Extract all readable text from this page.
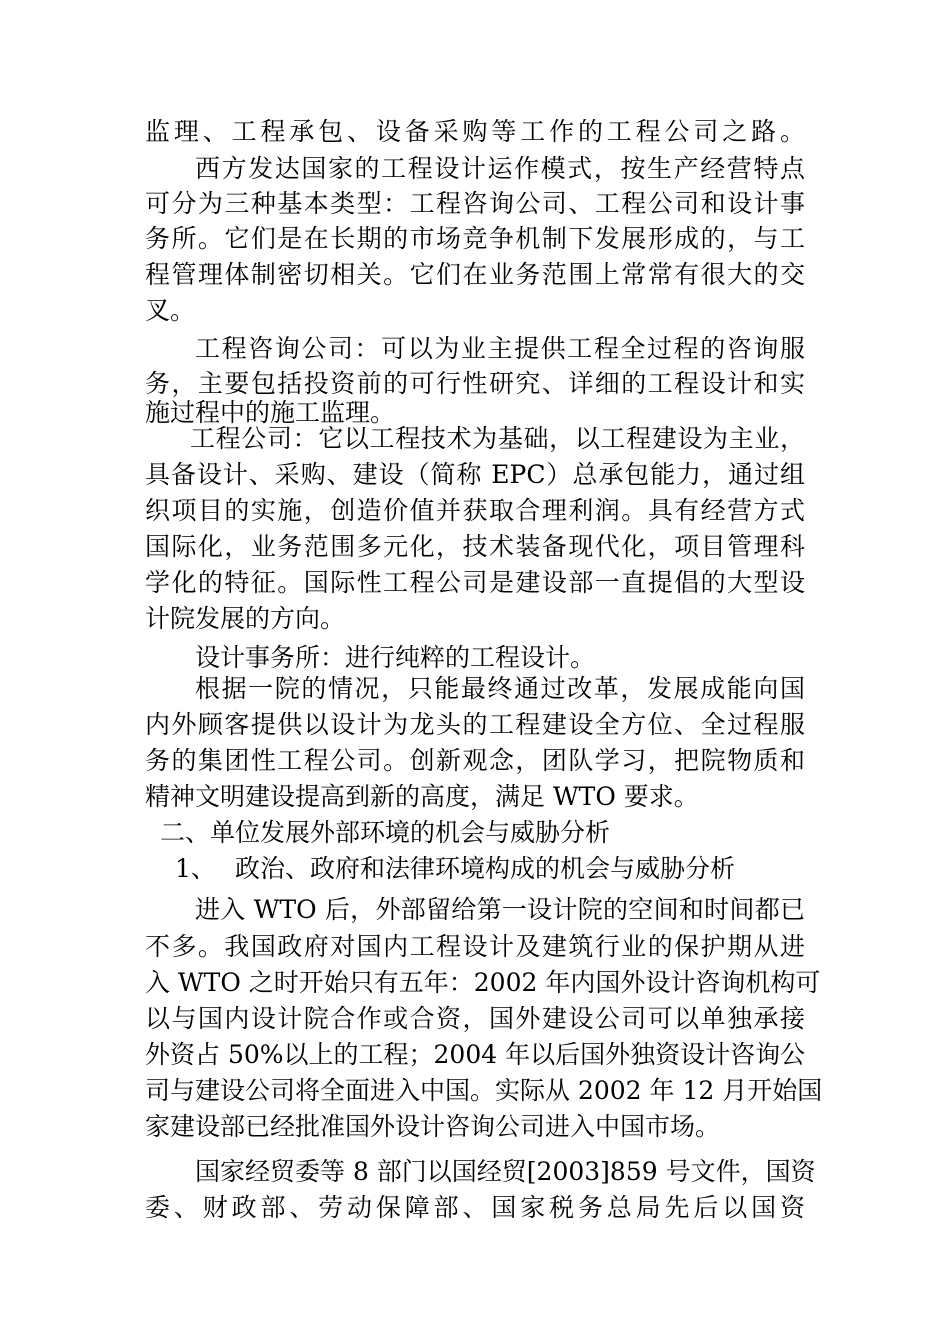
监理、工程承包、设备采购等工作的工程公司之路。
西方发达国家的工程设计运作模式，按生产经营特点
可分为三种基本类型：工程咨询公司、工程公司和设计事
务所。它们是在长期的市场竞争机制下发展形成的，与工
程管理体制密切相关。它们在业务范围上常常有很大的交
叉。
工程咨询公司：可以为业主提供工程全过程的咨询服
务，主要包括投资前的可行性研究、详细的工程设计和实
施过程中的施工监理。
工程公司：它以工程技术为基础，以工程建设为主业，
具备设计、采购、建设（简称 EPC）总承包能力，通过组
织项目的实施，创造价值并获取合理利润。具有经营方式
国际化，业务范围多元化，技术装备现代化，项目管理科
学化的特征。国际性工程公司是建设部一直提倡的大型设
计院发展的方向。
设计事务所：进行纯粹的工程设计。
根据一院的情况，只能最终通过改革，发展成能向国
内外顾客提供以设计为龙头的工程建设全方位、全过程服
务的集团性工程公司。创新观念，团队学习，把院物质和
精神文明建设提高到新的高度，满足 WTO 要求。
二、单位发展外部环境的机会与威胁分析
1、 政治、政府和法律环境构成的机会与威胁分析
进入 WTO 后，外部留给第一设计院的空间和时间都已
不多。我国政府对国内工程设计及建筑行业的保护期从进
入 WTO 之时开始只有五年：2002 年内国外设计咨询机构可
以与国内设计院合作或合资，国外建设公司可以单独承接
外资占 50%以上的工程；2004 年以后国外独资设计咨询公
司与建设公司将全面进入中国。实际从 2002 年 12 月开始国
家建设部已经批准国外设计咨询公司进入中国市场。
国家经贸委等 8 部门以国经贸[2003]859 号文件，国资
委、财政部、劳动保障部、国家税务总局先后以国资
